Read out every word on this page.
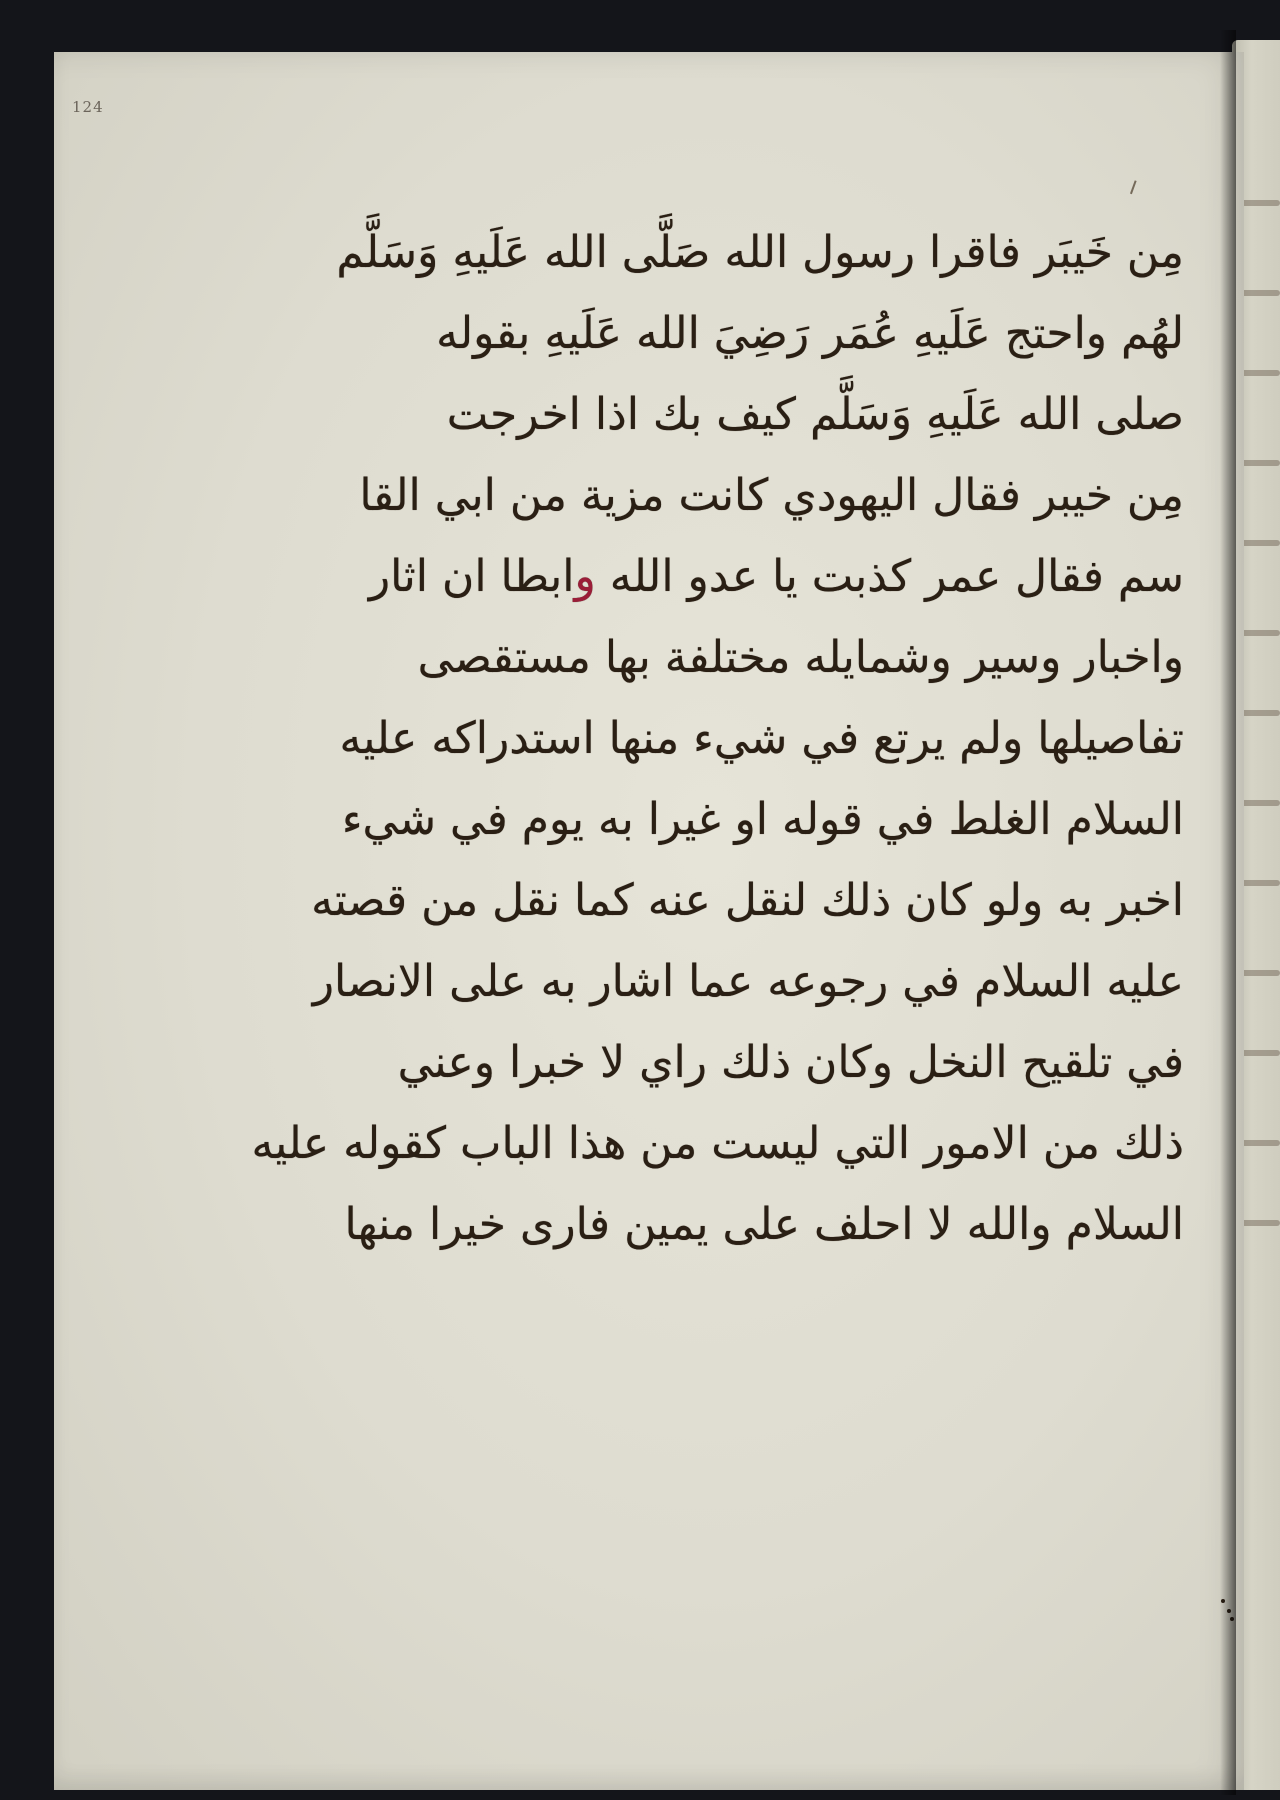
124
مِن خَيبَر فاقرا رسول الله صَلَّى الله عَلَيهِ وَسَلَّم
لهُم واحتج عَلَيهِ عُمَر رَضِيَ الله عَلَيهِ بقوله
صلى الله عَلَيهِ وَسَلَّم كيف بك اذا اخرجت
مِن خيبر فقال اليهودي كانت مزية من ابي القا
سم فقال عمر كذبت يا عدو الله وابطا ان اثار
واخبار وسير وشمايله مختلفة بها مستقصى
تفاصيلها ولم يرتع في شيء منها استدراكه عليه
السلام الغلط في قوله او غيرا به يوم في شيء
اخبر به ولو كان ذلك لنقل عنه كما نقل من قصته
عليه السلام في رجوعه عما اشار به على الانصار
في تلقيح النخل وكان ذلك راي لا خبرا وعني
ذلك من الامور التي ليست من هذا الباب كقوله عليه
السلام والله لا احلف على يمين فارى خيرا منها
